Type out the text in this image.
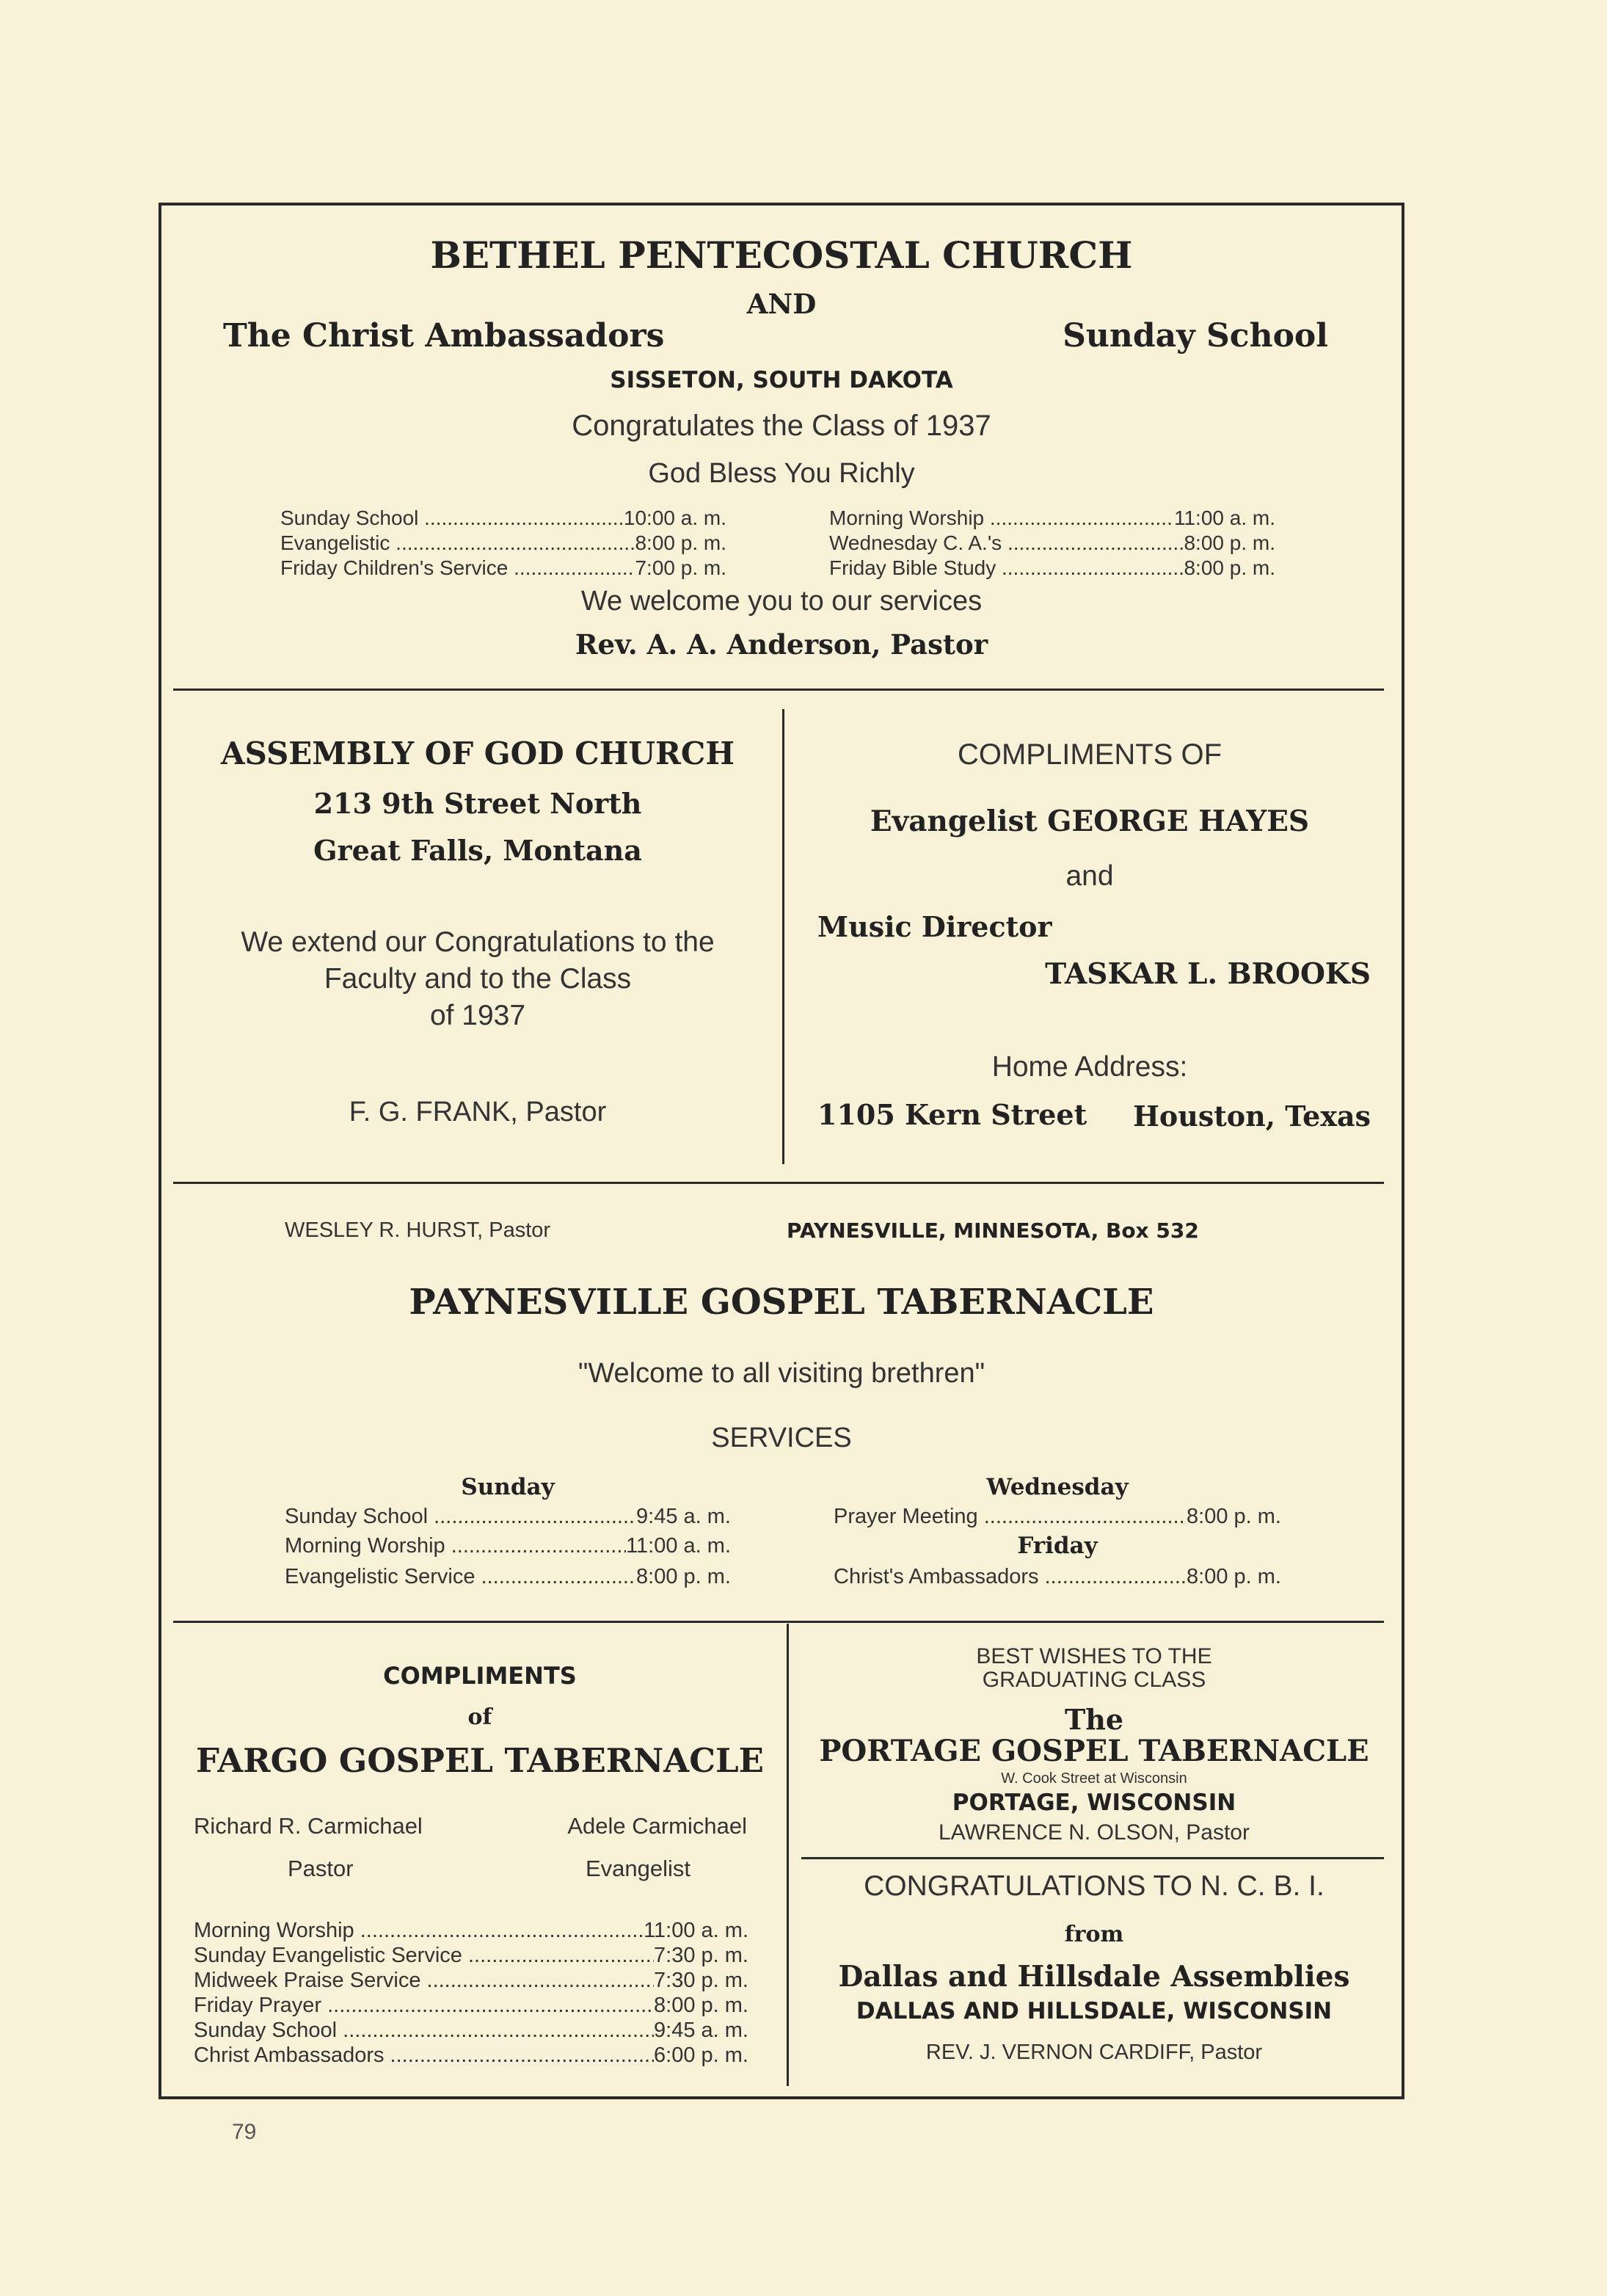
BETHEL PENTECOSTAL CHURCH
AND
The Christ Ambassadors	Sunday School
SISSETON, SOUTH DAKOTA
Congratulates the Class of 1937
God Bless You Richly
Sunday School .....	10:00 a. m.
Evangelistic .....	8:00 p. m.
Friday Children's Service .....	7:00 p. m.
Morning Worship .....	11:00 a. m.
Wednesday C. A.'s .....	8:00 p. m.
Friday Bible Study .....	8:00 p. m.
We welcome you to our services
Rev. A. A. Anderson, Pastor
ASSEMBLY OF GOD CHURCH
213 9th Street North
Great Falls, Montana
We extend our Congratulations to the
Faculty and to the Class
of 1937
F. G. FRANK, Pastor
COMPLIMENTS OF
Evangelist GEORGE HAYES
and
Music Director
TASKAR L. BROOKS
Home Address:
1105 Kern Street Houston, Texas
WESLEY R. HURST, Pastor	PAYNESVILLE, MINNESOTA, Box 532
PAYNESVILLE GOSPEL TABERNACLE
"Welcome to all visiting brethren"
SERVICES
Sunday
Sunday School .....	9:45 a. m.
Morning Worship .....	11:00 a. m.
Evangelistic Service .....	8:00 p. m.
Wednesday
Prayer Meeting .....	8:00 p. m.
Friday
Christ's Ambassadors .....	8:00 p. m.
COMPLIMENTS
of
FARGO GOSPEL TABERNACLE
Richard R. Carmichael	Adele Carmichael
Pastor	Evangelist
Morning Worship .....	11:00 a. m.
Sunday Evangelistic Service .....	7:30 p. m.
Midweek Praise Service .....	7:30 p. m.
Friday Prayer .....	8:00 p. m.
Sunday School .....	9:45 a. m.
Christ Ambassadors .....	6:00 p. m.
BEST WISHES TO THE
GRADUATING CLASS
The
PORTAGE GOSPEL TABERNACLE
W. Cook Street at Wisconsin
PORTAGE, WISCONSIN
LAWRENCE N. OLSON, Pastor
CONGRATULATIONS TO N. C. B. I.
from
Dallas and Hillsdale Assemblies
DALLAS AND HILLSDALE, WISCONSIN
REV. J. VERNON CARDIFF, Pastor
79
